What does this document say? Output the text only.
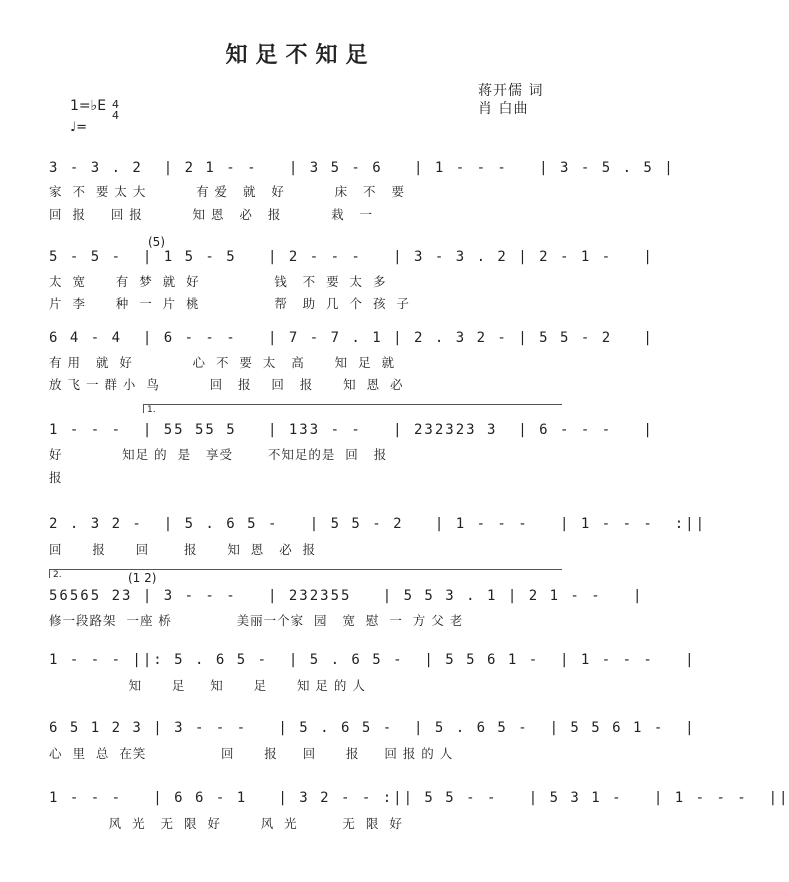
知足不知足
蒋开儒 词
肖 白曲
1=♭E 4
4
♩=
(5)
1.
2.	(1 2)
3 - 3 . 2  | 2 1 - -   | 3 5 - 6   | 1 - - -   | 3 - 5 . 5 |
家  不  要 太 大          有 爱   就   好          床   不   要
回  报     回 报          知 恩   必   报          栽   一
5 - 5 -  | 1 5 - 5   | 2 - - -   | 3 - 3 . 2 | 2 - 1 -   |
太  宽      有  梦  就  好               钱   不  要  太  多
片  李      种  一  片  桃               帮   助  几  个  孩  子
6 4 - 4  | 6 - - -   | 7 - 7 . 1 | 2 . 3 2 - | 5 5 - 2   |
有 用   就  好            心  不  要  太   高      知  足  就
放 飞 一 群 小  鸟          回   报    回   报      知  恩  必
1 - - -  | 55 55 5   | 133 - -   | 232323 3  | 6 - - -   |
好            知足 的  是   享受       不知足的是  回   报
报
2 . 3 2 -  | 5 . 6 5 -   | 5 5 - 2   | 1 - - -   | 1 - - -  :||
回      报      回       报      知  恩   必  报
56565 23 | 3 - - -   | 232355   | 5 5 3 . 1 | 2 1 - -   |
修一段路架  一座 桥             美丽一个家  园   宽  慰  一  方 父 老
1 - - - ||: 5 . 6 5 -  | 5 . 6 5 -  | 5 5 6 1 -  | 1 - - -   |
知      足     知      足      知 足 的 人
6 5 1 2 3 | 3 - - -   | 5 . 6 5 -  | 5 . 6 5 -  | 5 5 6 1 -  |
心  里  总  在笑               回      报     回      报     回 报 的 人
1 - - -   | 6 6 - 1   | 3 2 - - :|| 5 5 - -   | 5 3 1 -   | 1 - - -  ||
风  光   无  限  好        风  光         无  限  好
